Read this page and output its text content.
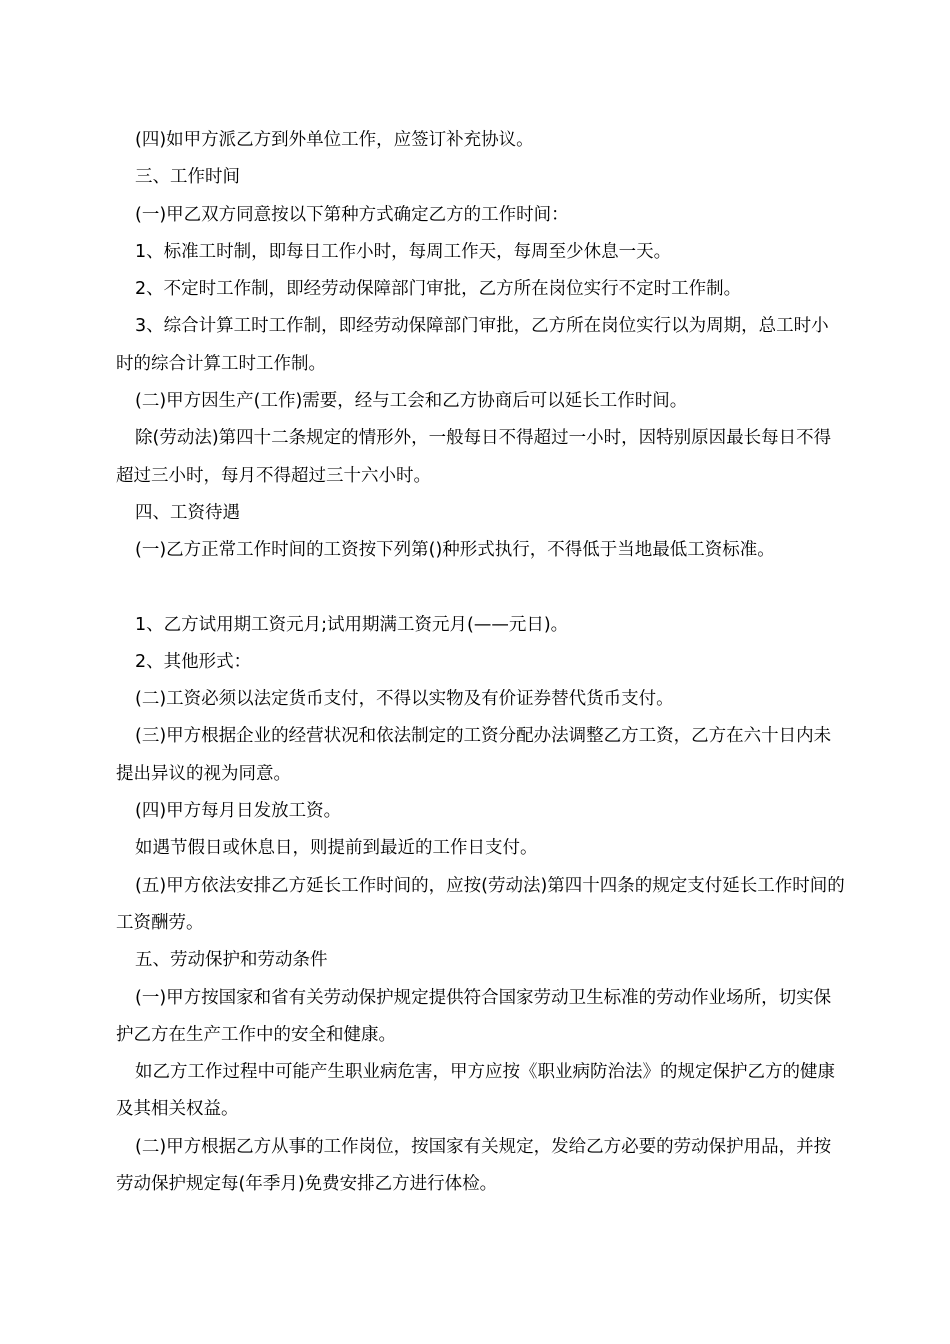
(四)如甲方派乙方到外单位工作，应签订补充协议。

三、工作时间

(一)甲乙双方同意按以下第种方式确定乙方的工作时间：

1、标准工时制，即每日工作小时，每周工作天，每周至少休息一天。

2、不定时工作制，即经劳动保障部门审批，乙方所在岗位实行不定时工作制。

3、综合计算工时工作制，即经劳动保障部门审批，乙方所在岗位实行以为周期，总工时小时的综合计算工时工作制。

(二)甲方因生产(工作)需要，经与工会和乙方协商后可以延长工作时间。

除(劳动法)第四十二条规定的情形外，一般每日不得超过一小时，因特别原因最长每日不得超过三小时，每月不得超过三十六小时。

四、工资待遇

(一)乙方正常工作时间的工资按下列第()种形式执行，不得低于当地最低工资标准。

1、乙方试用期工资元月;试用期满工资元月(——元日)。

2、其他形式：

(二)工资必须以法定货币支付，不得以实物及有价证券替代货币支付。

(三)甲方根据企业的经营状况和依法制定的工资分配办法调整乙方工资，乙方在六十日内未提出异议的视为同意。

(四)甲方每月日发放工资。

如遇节假日或休息日，则提前到最近的工作日支付。

(五)甲方依法安排乙方延长工作时间的，应按(劳动法)第四十四条的规定支付延长工作时间的工资酬劳。

五、劳动保护和劳动条件

(一)甲方按国家和省有关劳动保护规定提供符合国家劳动卫生标准的劳动作业场所，切实保护乙方在生产工作中的安全和健康。

如乙方工作过程中可能产生职业病危害，甲方应按《职业病防治法》的规定保护乙方的健康及其相关权益。

(二)甲方根据乙方从事的工作岗位，按国家有关规定，发给乙方必要的劳动保护用品，并按劳动保护规定每(年季月)免费安排乙方进行体检。
